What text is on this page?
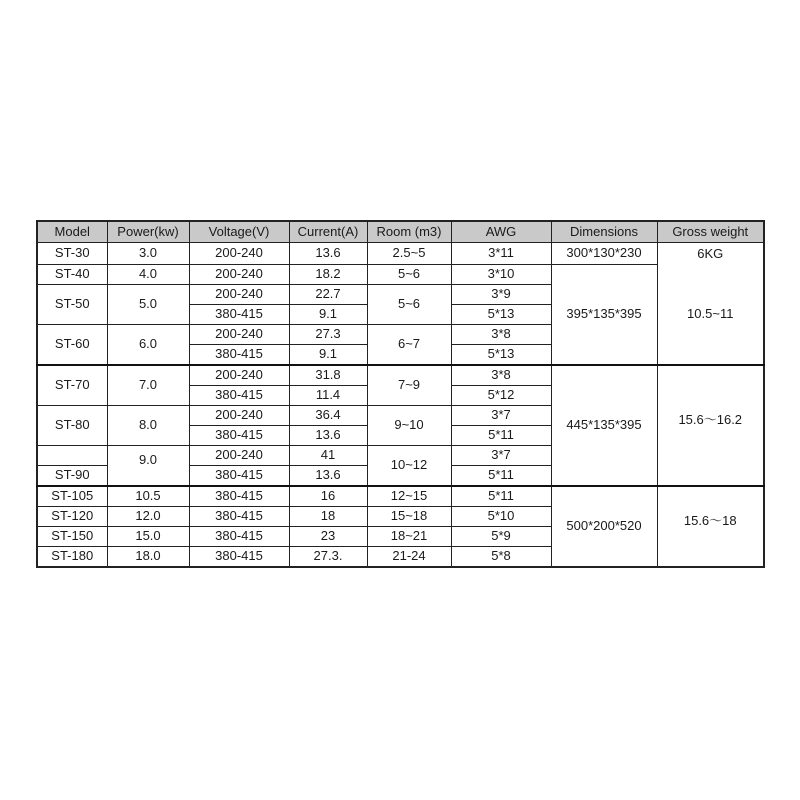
Model	Power(kw)	Voltage(V)	Current(A)	Room (m3)	AWG	Dimensions	Gross weight
ST-30	3.0	200-240	13.6	2.5~5	3*11	300*130*230	6KG
ST-40	4.0	200-240	18.2	5~6	3*10	395*135*395	10.5~11
ST-50	5.0	200-240	22.7	5~6	3*9		
		380-415	9.1		5*13		
ST-60	6.0	200-240	27.3	6~7	3*8		
		380-415	9.1		5*13		
ST-70	7.0	200-240	31.8	7~9	3*8	445*135*395	15.6～16.2
		380-415	11.4		5*12		
ST-80	8.0	200-240	36.4	9~10	3*7		
		380-415	13.6		5*11		
	9.0	200-240	41	10~12	3*7		
ST-90		380-415	13.6		5*11		
ST-105	10.5	380-415	16	12~15	5*11	500*200*520	15.6～18
ST-120	12.0	380-415	18	15~18	5*10		
ST-150	15.0	380-415	23	18~21	5*9		
ST-180	18.0	380-415	27.3.	21-24	5*8		
